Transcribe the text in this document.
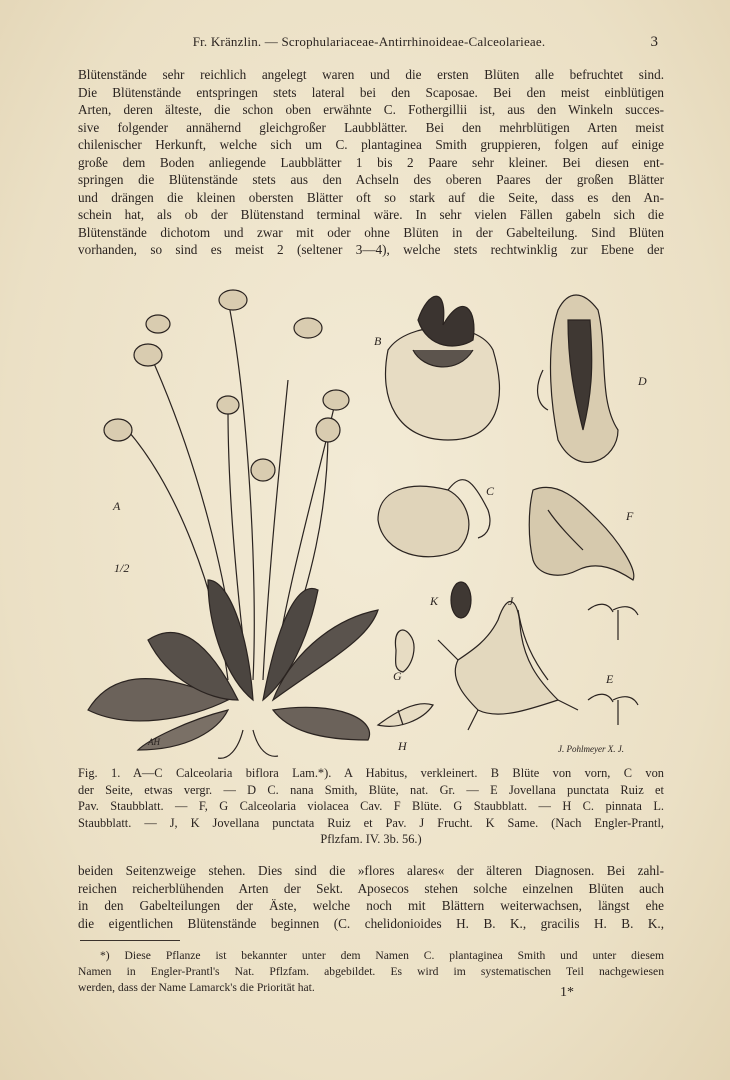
Fr. Kränzlin. — Scrophulariaceae-Antirrhinoideae-Calceolarieae.	3
Blütenstände sehr reichlich angelegt waren und die ersten Blüten alle befruchtet sind.
Die Blütenstände entspringen stets lateral bei den Scaposae. Bei den meist einblütigen
Arten, deren älteste, die schon oben erwähnte C. Fothergillii ist, aus den Winkeln succes-
sive folgender annähernd gleichgroßer Laubblätter. Bei den mehrblütigen Arten meist
chilenischer Herkunft, welche sich um C. plantaginea Smith gruppieren, folgen auf einige
große dem Boden anliegende Laubblätter 1 bis 2 Paare sehr kleiner. Bei diesen ent-
springen die Blütenstände stets aus den Achseln des oberen Paares der großen Blätter
und drängen die kleinen obersten Blätter oft so stark auf die Seite, dass es den An-
schein hat, als ob der Blütenstand terminal wäre. In sehr vielen Fällen gabeln sich die
Blütenstände dichotom und zwar mit oder ohne Blüten in der Gabelteilung. Sind Blüten
vorhanden, so sind es meist 2 (seltener 3—4), welche stets rechtwinklig zur Ebene der
A
B
C
D
E
F
G
H
J
K
1/2
AH
J. Pohlmeyer X. J.
Fig. 1. A—C Calceolaria biflora Lam.*). A Habitus, verkleinert. B Blüte von vorn, C von
der Seite, etwas vergr. — D C. nana Smith, Blüte, nat. Gr. — E Jovellana punctata Ruiz et
Pav. Staubblatt. — F, G Calceolaria violacea Cav. F Blüte. G Staubblatt. — H C. pinnata L.
Staubblatt. — J, K Jovellana punctata Ruiz et Pav. J Frucht. K Same. (Nach Engler-Prantl,
Pflzfam. IV. 3b. 56.)
beiden Seitenzweige stehen. Dies sind die »flores alares« der älteren Diagnosen. Bei zahl-
reichen reicherblühenden Arten der Sekt. Aposecos stehen solche einzelnen Blüten auch
in den Gabelteilungen der Äste, welche noch mit Blättern weiterwachsen, längst ehe
die eigentlichen Blütenstände beginnen (C. chelidonioides H. B. K., gracilis H. B. K.,
*) Diese Pflanze ist bekannter unter dem Namen C. plantaginea Smith und unter diesem
Namen in Engler-Prantl's Nat. Pflzfam. abgebildet. Es wird im systematischen Teil nachgewiesen
werden, dass der Name Lamarck's die Priorität hat.	1*
